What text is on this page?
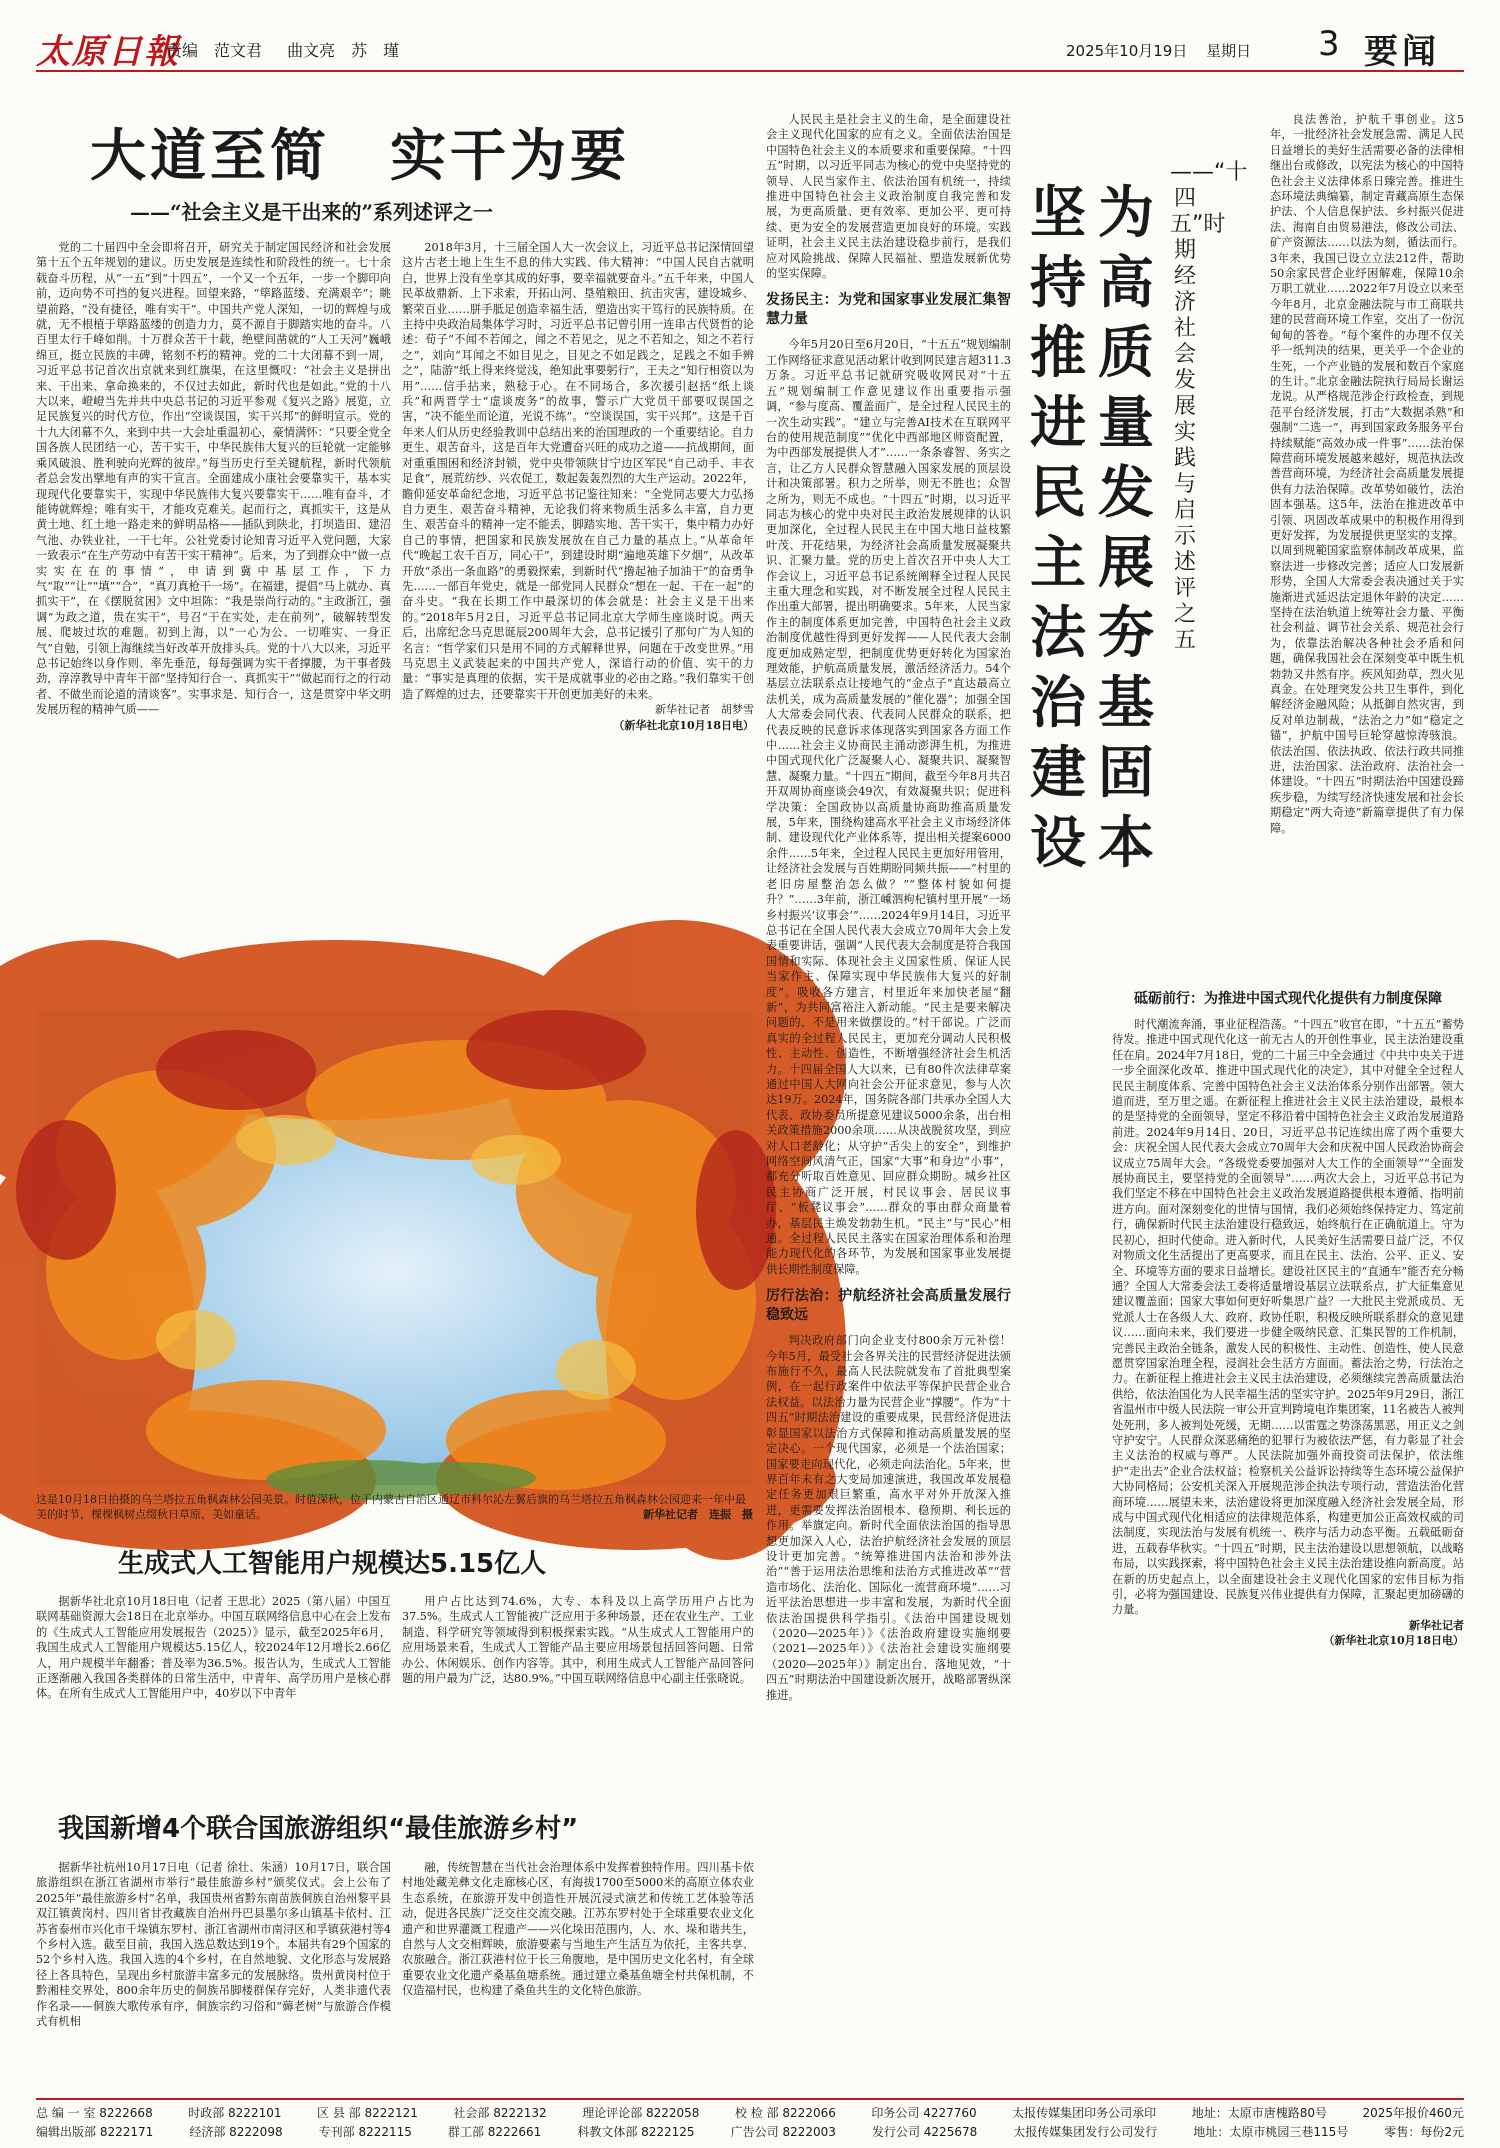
太原日報
责编　范文君 曲文亮　苏　瑾	2025年10月19日 星期日	3 要闻
大道至简　实干为要
——“社会主义是干出来的”系列述评之一

党的二十届四中全会即将召开，研究关于制定国民经济和社会发展第十五个五年规划的建议。历史发展是连续性和阶段性的统一。七十余载奋斗历程，从“一五”到“十四五”，一个又一个五年，一步一个脚印向前，迈向势不可挡的复兴进程。回望来路，“筚路蓝缕、充满艰辛”；眺望前路，“没有捷径，唯有实干”。中国共产党人深知，一切的辉煌与成就，无不根植于筚路蓝缕的创造力力，莫不源自于脚踏实地的奋斗。八百里太行千峰如削。十万群众苦干十载，绝壁间凿就的“人工天河”巍峨绵亘，挺立民族的丰碑，铭刻不朽的精神。党的二十大闭幕不到一周，习近平总书记首次出京就来到红旗渠，在这里慨叹：“社会主义是拼出来、干出来、拿命换来的，不仅过去如此，新时代也是如此。”党的十八大以来，嶝嶝当先并共中央总书记的习近平参观《复兴之路》展览，立足民族复兴的时代方位，作出“空谈误国，实干兴邦”的鲜明宣示。党的十九大闭幕不久，来到中共一大会址重温初心，豪情满怀：“只要全党全国各族人民团结一心，苦干实干，中华民族伟大复兴的巨轮就一定能够乘风破浪、胜利驶向光辉的彼岸。”每当历史行至关键航程，新时代领航者总会发出擘地有声的实干宣言。全面建成小康社会要靠实干，基本实现现代化要靠实干，实现中华民族伟大复兴要靠实干……唯有奋斗，才能铸就辉煌；唯有实干，才能攻克难关。起而行之，真抓实干，这是从黄土地、红土地一路走来的鲜明品格——插队到陕北，打坝造田、建沼气池、办铁业社，一干七年。公社党委讨论知青习近平入党问题，大家一致表示“在生产劳动中有苦干实干精神”。后来，为了到群众中“做一点实实在在的事情”，申请到冀中基层工作，下力气“取”“让”“填”“合”，“真刀真枪干一场”。在福建，提倡“马上就办、真抓实干”，在《摆脱贫困》文中坦陈：“我是崇尚行动的。”主政浙江，强调“为政之道，贵在实干”，号召“干在实处，走在前列”，破解转型发展、爬坡过坎的难题。初到上海，以“一心为公、一切唯实、一身正气”自勉，引领上海继续当好改革开放排头兵。党的十八大以来，习近平总书记始终以身作则、率先垂范，每每强调为实干者撑腰，为干事者鼓劲，淳淳教导中青年干部“坚持知行合一、真抓实干”“做起而行之的行动者、不做坐而论道的清谈客”。实事求是、知行合一，这是贯穿中华文明发展历程的精神气质——

2018年3月，十三届全国人大一次会议上，习近平总书记深情回望这片古老土地上生生不息的伟大实践、伟大精神：“中国人民自古就明白，世界上没有坐享其成的好事，要幸福就要奋斗。”五千年来，中国人民革故鼎新、上下求索，开拓山河、垦殖粮田、抗击灾害，建设城乡、繁荣百业……胼手胝足创造幸福生活，塑造出实干笃行的民族特质。在主持中央政治局集体学习时，习近平总书记曾引用一连串古代贤哲的论述：荀子“不闻不若闻之，闻之不若见之，见之不若知之，知之不若行之”，刘向“耳闻之不如目见之，目见之不如足践之，足践之不如手辨之”，陆游“纸上得来终觉浅，绝知此事要躬行”，王夫之“知行相资以为用”……信手拈来，熟稔于心。在不同场合，多次援引赵括“纸上谈兵”和两晋学士“虚谈废务”的故事，警示广大党员干部要叹误国之害，“决不能坐而论道，光说不练”。“空谈误国，实干兴邦”。这是千百年来人们从历史经验教训中总结出来的治国理政的一个重要结论。自力更生、艰苦奋斗，这是百年大党遭奋兴旺的成功之道——抗战期间，面对重重围困和经济封锁，党中央带领陕甘宁边区军民“自己动手、丰衣足食”，展荒纺纱、兴农促工，数起轰轰烈烈的大生产运动。2022年，瞻仰延安革命纪念地，习近平总书记鉴往知来：“全党同志要大力弘扬自力更生、艰苦奋斗精神，无论我们将来物质生活多么丰富，自力更生、艰苦奋斗的精神一定不能丢，脚踏实地、苦干实干，集中精力办好自己的事情，把国家和民族发展放在自己力量的基点上。”从革命年代“晚起工农千百万，同心干”，到建设时期“遍地英雄下夕烟”，从改革开放“杀出一条血路”的勇毅探索，到新时代“撸起袖子加油干”的奋勇争先……一部百年党史，就是一部党同人民群众“想在一起、干在一起”的奋斗史。“我在长期工作中最深切的体会就是：社会主义是干出来的。”2018年5月2日，习近平总书记同北京大学师生座谈时说。两天后，出席纪念马克思诞辰200周年大会，总书记援引了那句广为人知的名言：“哲学家们只是用不同的方式解释世界，问题在于改变世界。”用马克思主义武装起来的中国共产党人，深谙行动的价值、实干的力量：“事实是真理的依据，实干是成就事业的必由之路。”我们靠实干创造了辉煌的过去，还要靠实干开创更加美好的未来。

新华社记者　胡梦雪
（新华社北京10月18日电）
这是10月18日拍摄的乌兰塔拉五角枫森林公园美景。时值深秋，位于内蒙古自治区通辽市科尔沁左翼后旗的乌兰塔拉五角枫森林公园迎来一年中最美的时节，棵棵枫树点缀秋日草原，美如童话。	新华社记者　连振　摄
生成式人工智能用户规模达5.15亿人

据新华社北京10月18日电（记者 王思北）2025（第八届）中国互联网基础资源大会18日在北京举办。中国互联网络信息中心在会上发布的《生成式人工智能应用发展报告（2025）》显示，截至2025年6月，我国生成式人工智能用户规模达5.15亿人，较2024年12月增长2.66亿人，用户规模半年翻番；普及率为36.5%。报告认为，生成式人工智能正逐渐融入我国各类群体的日常生活中，中青年、高学历用户是核心群体。在所有生成式人工智能用户中，40岁以下中青年

用户占比达到74.6%，大专、本科及以上高学历用户占比为37.5%。生成式人工智能被广泛应用于多种场景，还在农业生产、工业制造、科学研究等领域得到积极探索实践。“从生成式人工智能用户的应用场景来看，生成式人工智能产品主要应用场景包括回答问题、日常办公、休闲娱乐、创作内容等。其中，利用生成式人工智能产品回答问题的用户最为广泛，达80.9%。”中国互联网络信息中心副主任张晓说。

我国新增4个联合国旅游组织“最佳旅游乡村”

据新华社杭州10月17日电（记者 徐壮、朱涵）10月17日，联合国旅游组织在浙江省湖州市举行“最佳旅游乡村”颁奖仪式。会上公布了2025年“最佳旅游乡村”名单，我国贵州省黔东南苗族侗族自治州黎平县双江镇黄岗村、四川省甘孜藏族自治州丹巴县墨尔多山镇基卡依村、江苏省泰州市兴化市千垛镇东罗村、浙江省湖州市南浔区和孚镇荻港村等4个乡村入选。截至目前，我国入选总数达到19个。本届共有29个国家的52个乡村入选。我国入选的4个乡村，在自然地貌、文化形态与发展路径上各具特色，呈现出乡村旅游丰富多元的发展脉络。贵州黄岗村位于黔湘桂交界处，800余年历史的侗族吊脚楼群保存完好，人类非遗代表作名录——侗族大歌传承有序，侗族宗约习俗和“薅老树”与旅游合作模式有机相

融，传统智慧在当代社会治理体系中发挥着独特作用。四川基卡依村地处藏羌彝文化走廊核心区，有海拔1700至5000米的高原立体农业生态系统，在旅游开发中创造性开展沉浸式演艺和传统工艺体验等活动，促进各民族广泛交往交流交融。江苏东罗村处于全球重要农业文化遗产和世界灌溉工程遗产——兴化垛田范围内，人、水、垛和谐共生，自然与人文交相辉映，旅游要素与当地生产生活互为依托，主客共享、农旅融合。浙江荻港村位于长三角腹地，是中国历史文化名村，有全球重要农业文化遗产桑基鱼塘系统。通过建立桑基鱼塘全村共保机制，不仅造福村民，也构建了桑鱼共生的文化特色旅游。

坚持推进民主法治建设
为高质量发展夯基固本
——“十四五”时期经济社会发展实践与启示述评之五

人民民主是社会主义的生命，是全面建设社会主义现代化国家的应有之义。全面依法治国是中国特色社会主义的本质要求和重要保障。“十四五”时期，以习近平同志为核心的党中央坚持党的领导、人民当家作主、依法治国有机统一，持续推进中国特色社会主义政治制度自我完善和发展，为更高质量、更有效率、更加公平、更可持续、更为安全的发展营造更加良好的环境。实践证明，社会主义民主法治建设稳步前行，是我们应对风险挑战、保障人民福祉、塑造发展新优势的坚实保障。

发扬民主：为党和国家事业发展汇集智慧力量

今年5月20日至6月20日，“十五五”规划编制工作网络征求意见活动累计收到网民建言超311.3万条。习近平总书记就研究吸收网民对“十五五”规划编制工作意见建议作出重要指示强调，“参与度高、覆盖面广，是全过程人民民主的一次生动实践”。“建立与完善AI技术在互联网平台的使用规范制度”“优化中西部地区师资配置，为中西部发展提供人才”……一条条睿智、务实之言，让乙方人民群众智慧融入国家发展的顶层设计和决策部署。积力之所举，则无不胜也；众智之所为，则无不成也。“十四五”时期，以习近平同志为核心的党中央对民主政治发展规律的认识更加深化，全过程人民民主在中国大地日益枝繁叶茂、开花结果，为经济社会高质量发展凝聚共识、汇聚力量。党的历史上首次召开中央人大工作会议上，习近平总书记系统阐释全过程人民民主重大理念和实践，对不断发展全过程人民民主作出重大部署，提出明确要求。5年来，人民当家作主的制度体系更加完善，中国特色社会主义政治制度优越性得到更好发挥——人民代表大会制度更加成熟定型，把制度优势更好转化为国家治理效能，护航高质量发展，激活经济活力。54个基层立法联系点让接地气的“金点子”直达最高立法机关，成为高质量发展的“催化器”；加强全国人大常委会同代表、代表同人民群众的联系，把代表反映的民意诉求体现落实到国家各方面工作中……社会主义协商民主涌动澎湃生机，为推进中国式现代化广泛凝聚人心、凝聚共识、凝聚智慧、凝聚力量。“十四五”期间，截至今年8月共召开双周协商座谈会49次，有效凝聚共识；促进科学决策：全国政协以高质量协商助推高质量发展，5年来，围绕构建高水平社会主义市场经济体制、建设现代化产业体系等，提出相关提案6000余件……5年来，全过程人民民主更加好用管用，让经济社会发展与百姓期盼同频共振——“村里的老旧房屋整治怎么做？”“整体村貌如何提升？”……3年前，浙江嵊泗枸杞镇村里开展“一场乡村振兴‘议事会’”……2024年9月14日，习近平总书记在全国人民代表大会成立70周年大会上发表重要讲话，强调“人民代表大会制度是符合我国国情和实际、体现社会主义国家性质、保证人民当家作主、保障实现中华民族伟大复兴的好制度”。吸收各方建言，村里近年来加快老屋“翻新”，为共同富裕注入新动能。“民主是要来解决问题的，不是用来做摆设的。”村干部说。广泛而真实的全过程人民民主，更加充分调动人民积极性、主动性、创造性，不断增强经济社会生机活力。十四届全国人大以来，已有80件次法律草案通过中国人大网向社会公开征求意见，参与人次达19万。2024年，国务院各部门共承办全国人大代表、政协委员所提意见建议5000余条，出台相关政策措施2000余项……从决战脱贫攻坚，到应对人口老龄化；从守护“舌尖上的安全”，到维护网络空间风清气正，国家“大事”和身边“小事”，都充分听取百姓意见、回应群众期盼。城乡社区民主协商广泛开展，村民议事会、居民议事厅、“板凳议事会”……群众的事由群众商量着办，基层民主焕发勃勃生机。“民主”与“民心”相通。全过程人民民主落实在国家治理体系和治理能力现代化的各环节，为发展和国家事业发展提供长期性制度保障。

厉行法治：护航经济社会高质量发展行稳致远

判决政府部门向企业支付800余万元补偿！今年5月，最受社会各界关注的民营经济促进法颁布施行不久，最高人民法院就发布了首批典型案例，在一起行政案件中依法平等保护民营企业合法权益。以法治力量为民营企业“撑腰”。作为“十四五”时期法治建设的重要成果，民营经济促进法彰显国家以法治方式保障和推动高质量发展的坚定决心。一个现代国家，必须是一个法治国家；国家要走向现代化，必须走向法治化。5年来，世界百年未有之大变局加速演进，我国改革发展稳定任务更加艰巨繁重，高水平对外开放深入推进，更需要发挥法治固根本、稳预期、利长远的作用。举旗定向。新时代全面依法治国的指导思想更加深入人心，法治护航经济社会发展的顶层设计更加完善。“统筹推进国内法治和涉外法治”“善于运用法治思维和法治方式推进改革”“营造市场化、法治化、国际化一流营商环境”……习近平法治思想进一步丰富和发展，为新时代全面依法治国提供科学指引。《法治中国建设规划（2020—2025年）》《法治政府建设实施纲要（2021—2025年）》《法治社会建设实施纲要（2020—2025年）》制定出台、落地见效，“十四五”时期法治中国建设新次展开，战略部署纵深推进。

良法善治，护航千事创业。这5年，一批经济社会发展急需、满足人民日益增长的美好生活需要必备的法律相继出台或修改，以宪法为核心的中国特色社会主义法律体系日臻完善。推进生态环境法典编纂，制定青藏高原生态保护法、个人信息保护法、乡村振兴促进法、海南自由贸易港法，修改公司法、矿产资源法……以法为刻，循法而行。3年来，我国已设立立法212件，帮助50余家民营企业纾困解难，保障10余万职工就业……2022年7月设立以来至今年8月，北京金融法院与市工商联共建的民营商环境工作室，交出了一份沉甸甸的答卷。“每个案件的办理不仅关乎一纸判决的结果，更关乎一个企业的生死，一个产业链的发展和数百个家庭的生计。”北京金融法院执行局局长谢运龙说。从严格规范涉企行政检查，到规范平台经济发展，打击“大数据杀熟”和强制“二选一”，再到国家政务服务平台持续赋能“高效办成一件事”……法治保障营商环境发展越来越好，规范执法改善营商环境，为经济社会高质量发展提供有力法治保障。改革势如破竹，法治固本强基。这5年，法治在推进改革中引领、巩固改革成果中的积极作用得到更好发挥，为发展提供更坚实的支撑。以周到规範国家监察体制改革成果，监察法进一步修改完善；适应人口发展新形势，全国人大常委会表决通过关于实施渐进式延迟法定退休年龄的决定……坚持在法治轨道上统筹社会力量、平衡社会利益、调节社会关系、规范社会行为，依靠法治解决各种社会矛盾和问题，确保我国社会在深刻变革中既生机勃勃又井然有序。疾风知劲草，烈火见真金。在处理突发公共卫生事件，到化解经济金融风险；从抵御自然灾害，到反对单边制裁，“法治之力”如“稳定之锚”，护航中国号巨轮穿越惊涛骇浪。依法治国、依法执政、依法行政共同推进，法治国家、法治政府、法治社会一体建设。“十四五”时期法治中国建设蹄疾步稳，为续写经济快速发展和社会长期稳定“两大奇迹”新篇章提供了有力保障。

砥砺前行：为推进中国式现代化提供有力制度保障

时代潮流奔涌，事业征程浩荡。“十四五”收官在即，“十五五”蓄势待发。推进中国式现代化这一前无古人的开创性事业，民主法治建设重任在肩。2024年7月18日，党的二十届三中全会通过《中共中央关于进一步全面深化改革、推进中国式现代化的决定》，其中对健全全过程人民民主制度体系、完善中国特色社会主义法治体系分别作出部署。领大道而进，至万里之遥。在新征程上推进社会主义民主法治建设，最根本的是坚持党的全面领导，坚定不移沿着中国特色社会主义政治发展道路前进。2024年9月14日、20日，习近平总书记连续出席了两个重要大会：庆祝全国人民代表大会成立70周年大会和庆祝中国人民政治协商会议成立75周年大会。“各级党委要加强对人大工作的全面领导”“全面发展协商民主，要坚持党的全面领导”……两次大会上，习近平总书记为我们坚定不移在中国特色社会主义政治发展道路提供根本遵循、指明前进方向。面对深刻变化的世情与国情，我们必须始终保持定力、笃定前行，确保新时代民主法治建设行稳致远，始终航行在正确航道上。守为民初心，担时代使命。进入新时代，人民美好生活需要日益广泛，不仅对物质文化生活提出了更高要求，而且在民主、法治、公平、正义、安全、环境等方面的要求日益增长。建设社区民主的“直通车”能否充分畅通？全国人大常委会法工委将适量增设基层立法联系点，扩大征集意见建议覆盖面；国家大事如何更好听集思广益？一大批民主党派成员、无党派人士在各级人大、政府、政协任职，积极反映所联系群众的意见建议……面向未来，我们要进一步健全吸纳民意、汇集民智的工作机制，完善民主政治全链条，激发人民的积极性、主动性、创造性，使人民意愿贯穿国家治理全程，浸润社会生活方方面面。蓄法治之势，行法治之力。在新征程上推进社会主义民主法治建设，必须继续完善高质量法治供给，依法治国化为人民幸福生活的坚实守护。2025年9月29日，浙江省温州市中级人民法院一审公开宣判跨境电诈集团案，11名被告人被判处死刑，多人被判处死缓，无期……以雷霆之势涤荡黑恶，用正义之剑守护安宁。人民群众深恶痛绝的犯罪行为被依法严惩，有力彰显了社会主义法治的权威与尊严。人民法院加强外商投资司法保护，依法维护“走出去”企业合法权益；检察机关公益诉讼持续等生态环境公益保护大协同格局；公安机关深入开展规范涉企执法专项行动，营造法治化营商环境……展望未来，法治建设将更加深度融入经济社会发展全局，形成与中国式现代化相适应的法律规范体系，构建更加公正高效权威的司法制度，实现法治与发展有机统一、秩序与活力动态平衡。五载砥砺奋进，五载春华秋实。“十四五”时期，民主法治建设以思想领航，以战略布局，以实践探索，将中国特色社会主义民主法治建设推向新高度。站在新的历史起点上，以全面建设社会主义现代化国家的宏伟目标为指引，必将为强国建设、民族复兴伟业提供有力保障，汇聚起更加磅礴的力量。

新华社记者
（新华社北京10月18日电）
总 编 一 室 8222668	时政部 8222101	区 县 部 8222121	社会部 8222132	理论评论部 8222058	校 检 部 8222066	印务公司 4227760	太报传媒集团印务公司承印	地址：太原市唐槐路80号	2025年报价460元
编辑出版部 8222171	经济部 8222098	专刊部 8222115	群工部 8222661	科教文体部 8222125	广告公司 8222003	发行公司 4225678	太报传媒集团发行公司发行	地址：太原市桃园三巷115号	零售：每份2元
